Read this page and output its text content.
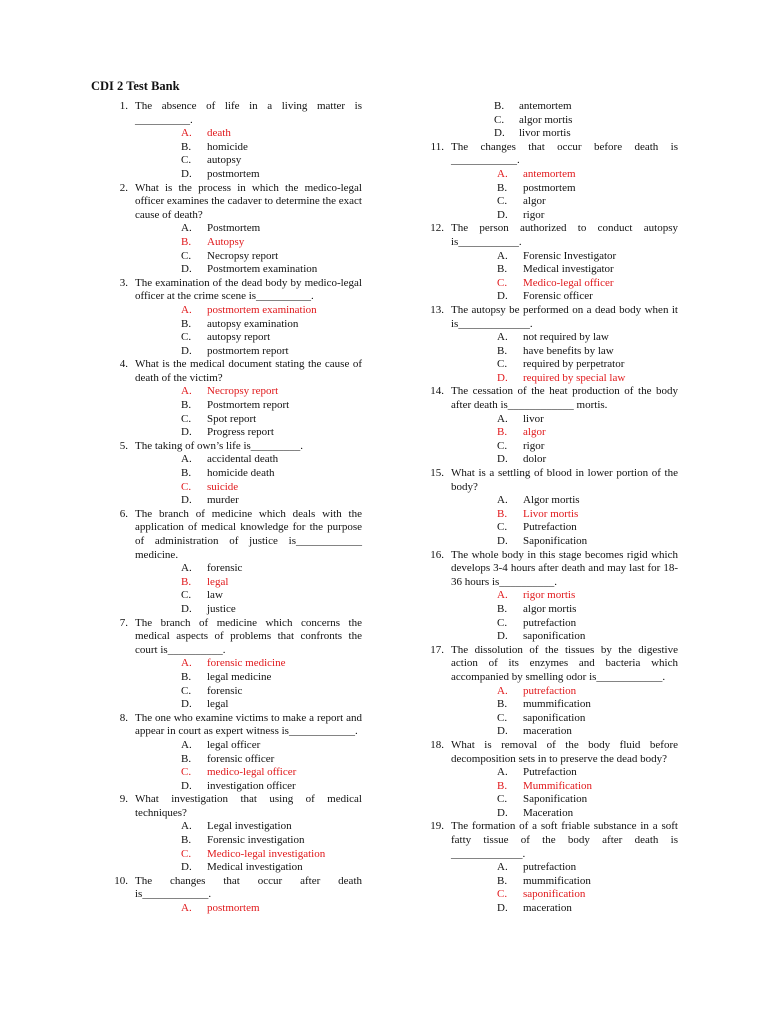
CDI 2 Test Bank
1. The absence of life in a living matter is __________.
A. death
B. homicide
C. autopsy
D. postmortem
2. What is the process in which the medico-legal officer examines the cadaver to determine the exact cause of death?
A. Postmortem
B. Autopsy
C. Necropsy report
D. Postmortem examination
3. The examination of the dead body by medico-legal officer at the crime scene is__________.
A. postmortem examination
B. autopsy examination
C. autopsy report
D. postmortem report
4. What is the medical document stating the cause of death of the victim?
A. Necropsy report
B. Postmortem report
C. Spot report
D. Progress report
5. The taking of own’s life is_________.
A. accidental death
B. homicide death
C. suicide
D. murder
6. The branch of medicine which deals with the application of medical knowledge for the purpose of administration of justice is____________ medicine.
A. forensic
B. legal
C. law
D. justice
7. The branch of medicine which concerns the medical aspects of problems that confronts the court is__________.
A. forensic medicine
B. legal medicine
C. forensic
D. legal
8. The one who examine victims to make a report and appear in court as expert witness is____________.
A. legal officer
B. forensic officer
C. medico-legal officer
D. investigation officer
9. What investigation that using of medical techniques?
A. Legal investigation
B. Forensic investigation
C. Medico-legal investigation
D. Medical investigation
10. The changes that occur after death is____________.
A. postmortem
B. antemortem
C. algor mortis
D. livor mortis
11. The changes that occur before death is ____________.
A. antemortem
B. postmortem
C. algor
D. rigor
12. The person authorized to conduct autopsy is___________.
A. Forensic Investigator
B. Medical investigator
C. Medico-legal officer
D. Forensic officer
13. The autopsy be performed on a dead body when it is_____________.
A. not required by law
B. have benefits by law
C. required by perpetrator
D. required by special law
14. The cessation of the heat production of the body after death is____________ mortis.
A. livor
B. algor
C. rigor
D. dolor
15. What is a settling of blood in lower portion of the body?
A. Algor mortis
B. Livor mortis
C. Putrefaction
D. Saponification
16. The whole body in this stage becomes rigid which develops 3-4 hours after death and may last for 18-36 hours is__________.
A. rigor mortis
B. algor mortis
C. putrefaction
D. saponification
17. The dissolution of the tissues by the digestive action of its enzymes and bacteria which accompanied by smelling odor is____________.
A. putrefaction
B. mummification
C. saponification
D. maceration
18. What is removal of the body fluid before decomposition sets in to preserve the dead body?
A. Putrefaction
B. Mummification
C. Saponification
D. Maceration
19. The formation of a soft friable substance in a soft fatty tissue of the body after death is _____________.
A. putrefaction
B. mummification
C. saponification
D. maceration
